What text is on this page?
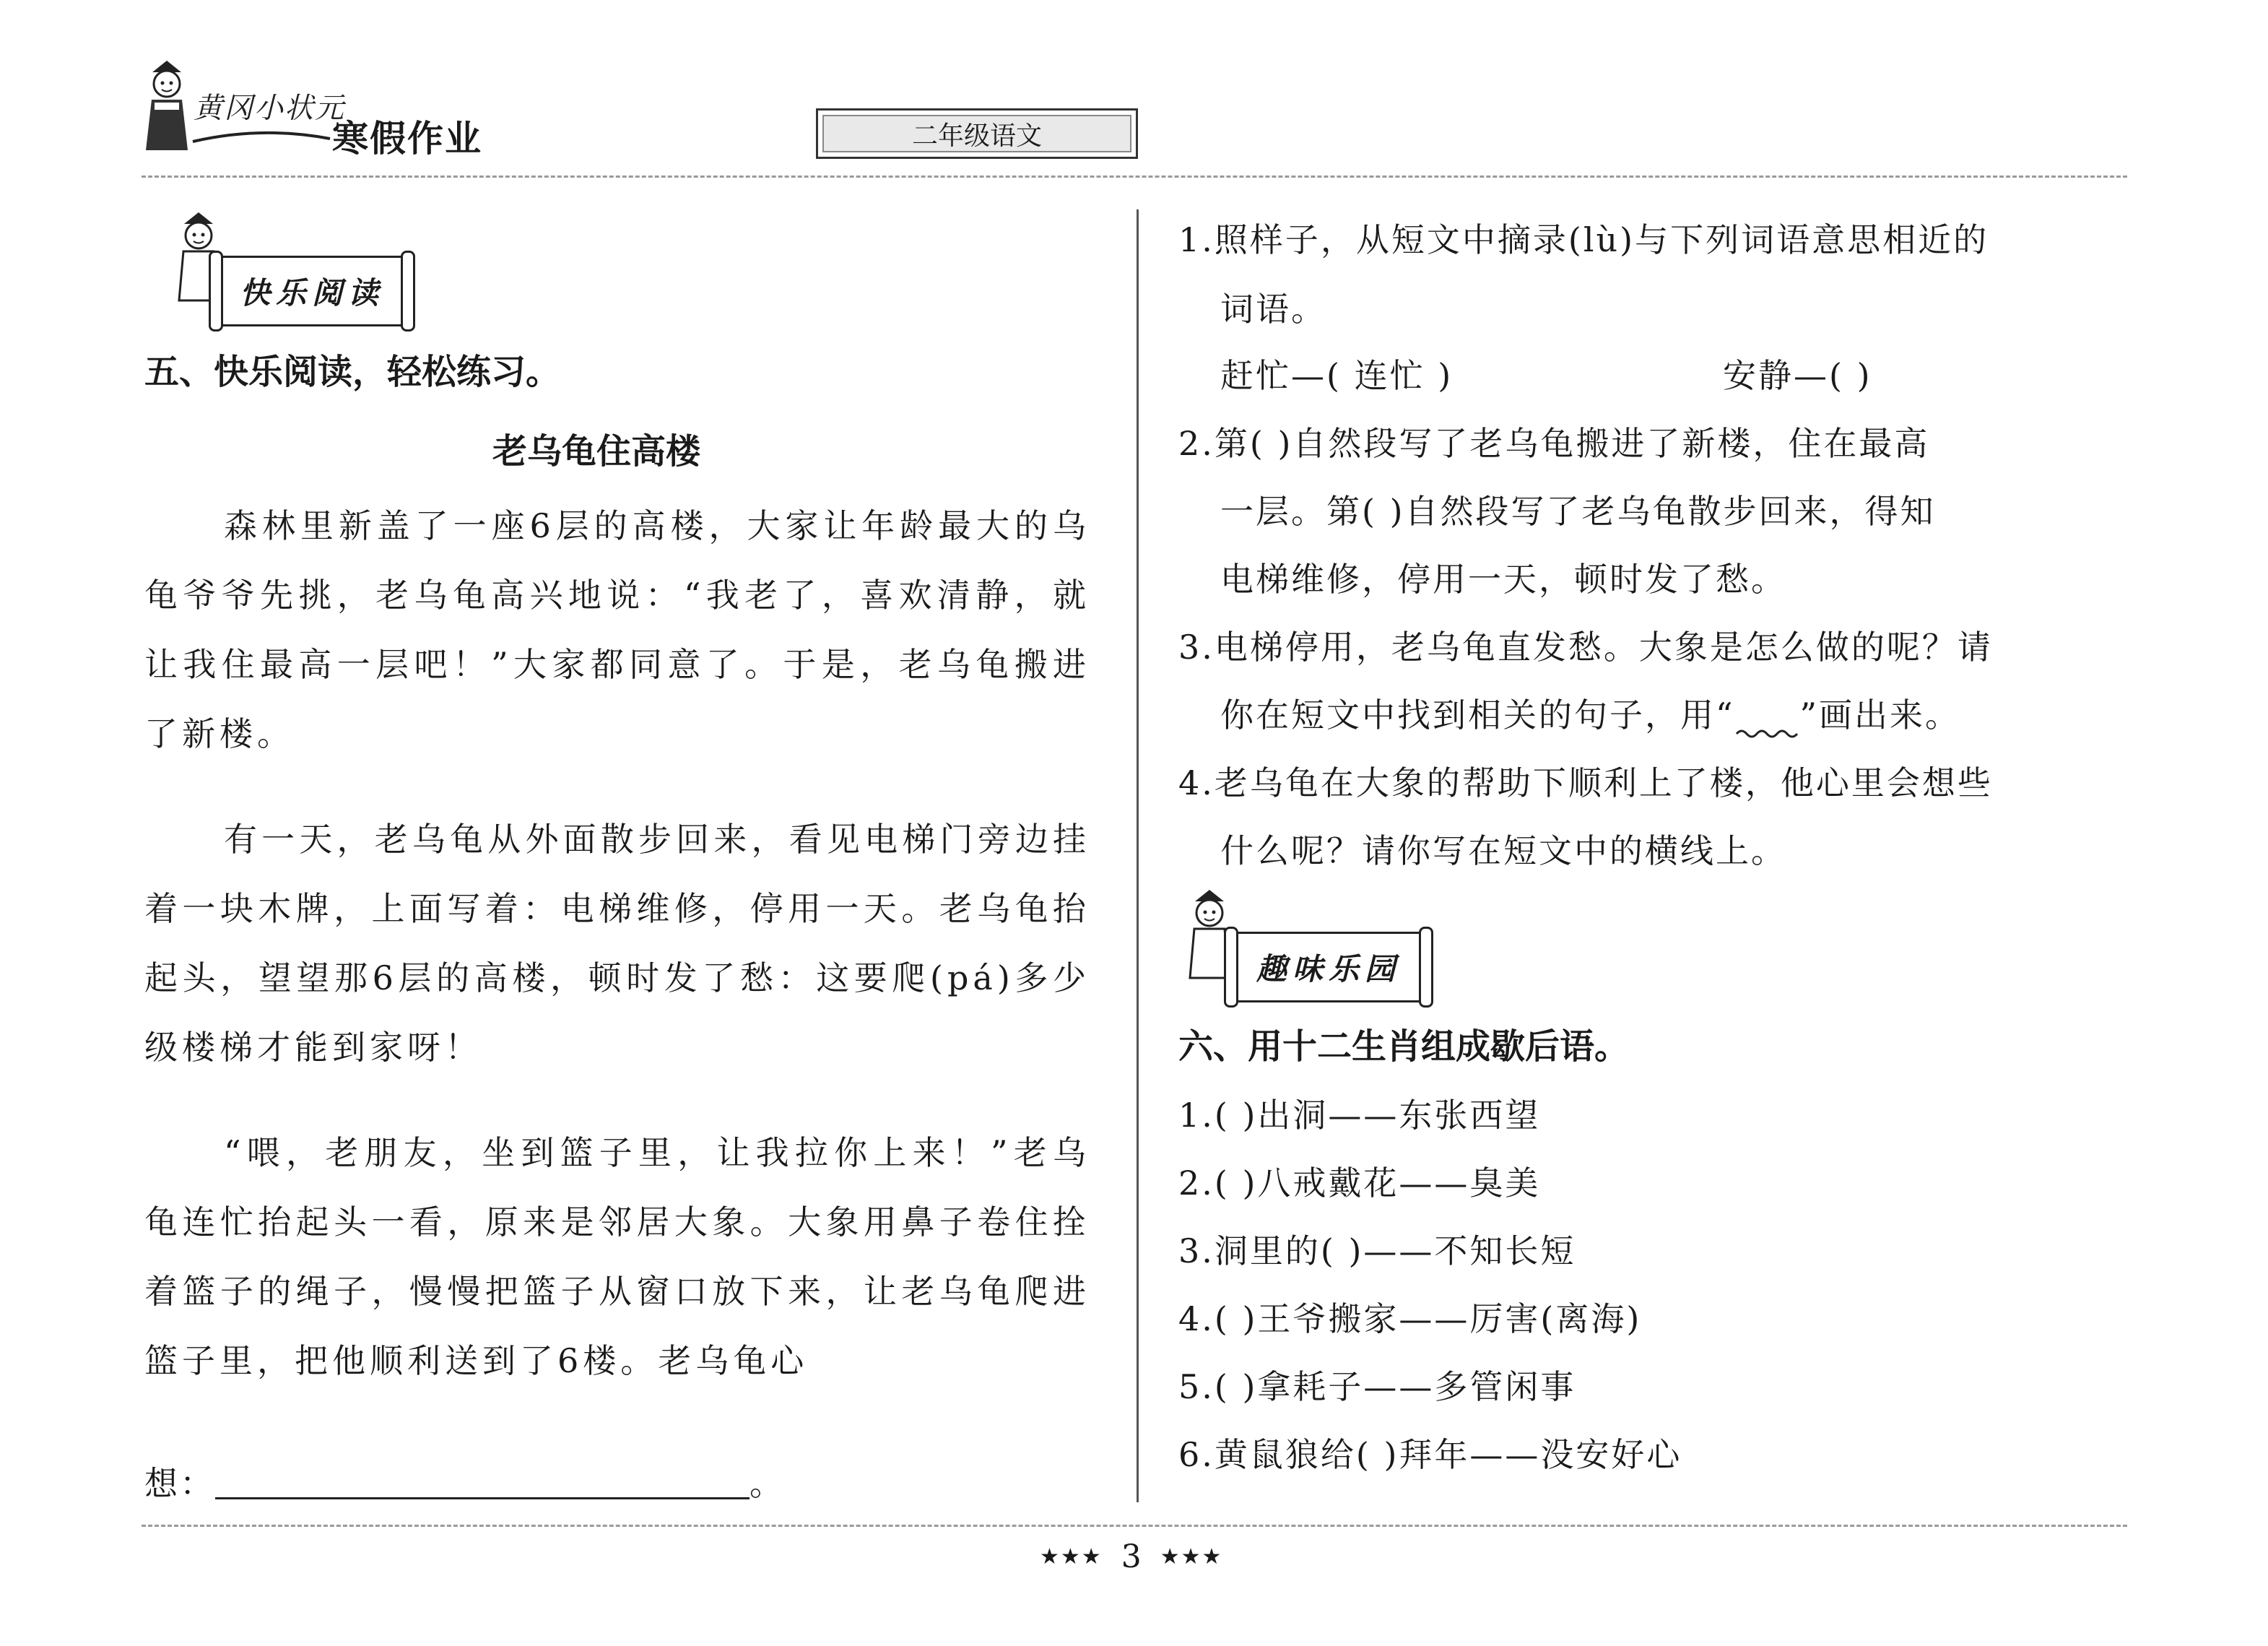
黄冈小状元
寒假作业	二年级语文
快乐阅读
五、快乐阅读，轻松练习。
老乌龟住高楼
森林里新盖了一座6层的高楼，大家让年龄最大的乌龟爷爷先挑，老乌龟高兴地说：“我老了，喜欢清静，就让我住最高一层吧！”大家都同意了。于是，老乌龟搬进了新楼。
有一天，老乌龟从外面散步回来，看见电梯门旁边挂着一块木牌，上面写着：电梯维修，停用一天。老乌龟抬起头，望望那6层的高楼，顿时发了愁：这要爬(pá)多少级楼梯才能到家呀！
“喂，老朋友，坐到篮子里，让我拉你上来！”老乌龟连忙抬起头一看，原来是邻居大象。大象用鼻子卷住拴着篮子的绳子，慢慢把篮子从窗口放下来，让老乌龟爬进篮子里，把他顺利送到了6楼。老乌龟心
想：	。
1.照样子，从短文中摘录(lù)与下列词语意思相近的
词语。
赶忙—( 连忙 )	安静—( )
2.第( )自然段写了老乌龟搬进了新楼，住在最高
一层。第( )自然段写了老乌龟散步回来，得知
电梯维修，停用一天，顿时发了愁。
3.电梯停用，老乌龟直发愁。大象是怎么做的呢？请
你在短文中找到相关的句子，用“ ”画出来。
4.老乌龟在大象的帮助下顺利上了楼，他心里会想些
什么呢？请你写在短文中的横线上。
趣味乐园
六、用十二生肖组成歇后语。
1.( )出洞——东张西望
2.( )八戒戴花——臭美
3.洞里的( )——不知长短
4.( )王爷搬家——厉害(离海)
5.( )拿耗子——多管闲事
6.黄鼠狼给( )拜年——没安好心
★★★ 3 ★★★
